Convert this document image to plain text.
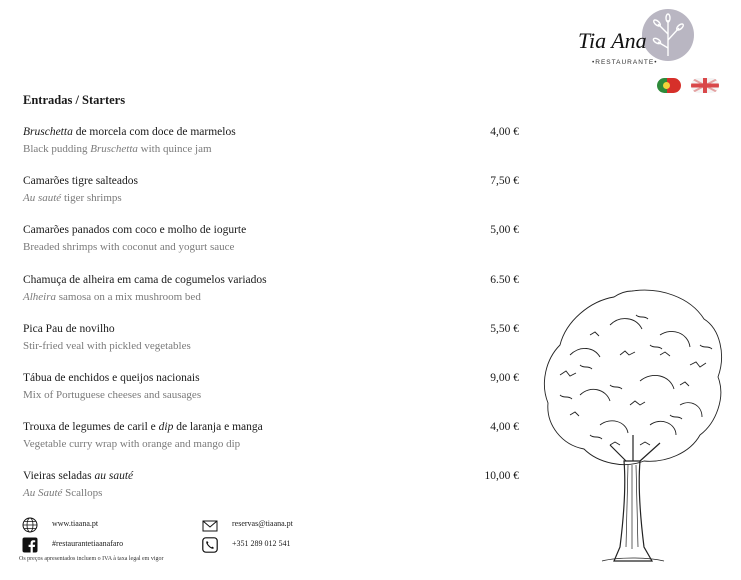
Tia Ana
•RESTAURANTE•
Entradas / Starters
Bruschetta de morcela com doce de marmelos
Black pudding Bruschetta with quince jam
4,00 €
Camarões tigre salteados
Au sauté tiger shrimps
7,50 €
Camarões panados com coco e molho de iogurte
Breaded shrimps with coconut and yogurt sauce
5,00 €
Chamuça de alheira em cama de cogumelos variados
Alheira samosa on a mix mushroom bed
6.50 €
Pica Pau de novilho
Stir-fried veal with pickled vegetables
5,50 €
Tábua de enchidos e queijos nacionais
Mix of Portuguese cheeses and sausages
9,00 €
Trouxa de legumes de caril e dip de laranja e manga
Vegetable curry wrap with orange and mango dip
4,00 €
Vieiras seladas au sauté
Au Sauté Scallops
10,00 €
www.tiaana.pt	reservas@tiaana.pt
#restaurantetiaanafaro	+351 289 012 541
Os preços apresentados incluem o IVA à taxa legal em vigor
